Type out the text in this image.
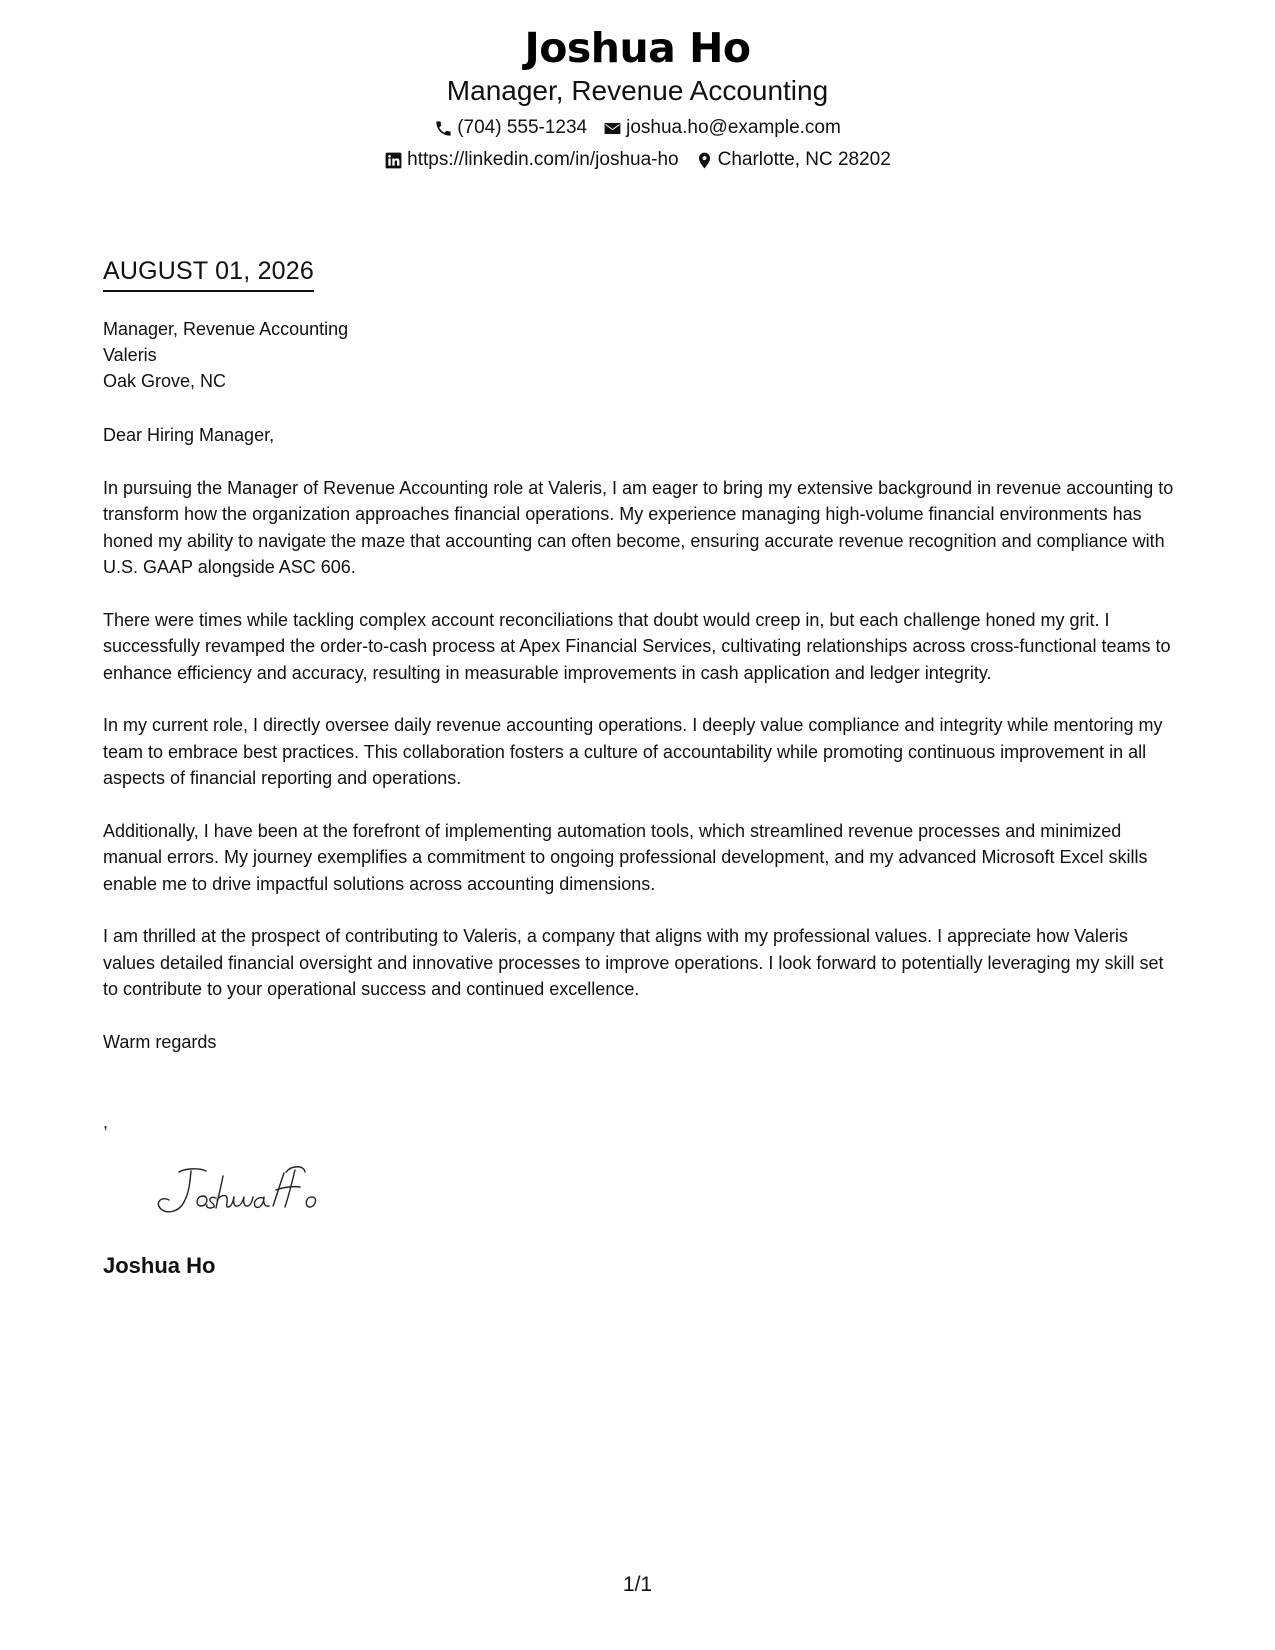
Joshua Ho
Manager, Revenue Accounting
(704) 555-1234 joshua.ho@example.com
https://linkedin.com/in/joshua-ho Charlotte, NC 28202
AUGUST 01, 2026
Manager, Revenue Accounting
Valeris
Oak Grove, NC

Dear Hiring Manager,

In pursuing the Manager of Revenue Accounting role at Valeris, I am eager to bring my extensive background in revenue accounting to transform how the organization approaches financial operations. My experience managing high-volume financial environments has honed my ability to navigate the maze that accounting can often become, ensuring accurate revenue recognition and compliance with U.S. GAAP alongside ASC 606.

There were times while tackling complex account reconciliations that doubt would creep in, but each challenge honed my grit. I successfully revamped the order-to-cash process at Apex Financial Services, cultivating relationships across cross-functional teams to enhance efficiency and accuracy, resulting in measurable improvements in cash application and ledger integrity.

In my current role, I directly oversee daily revenue accounting operations. I deeply value compliance and integrity while mentoring my team to embrace best practices. This collaboration fosters a culture of accountability while promoting continuous improvement in all aspects of financial reporting and operations.

Additionally, I have been at the forefront of implementing automation tools, which streamlined revenue processes and minimized manual errors. My journey exemplifies a commitment to ongoing professional development, and my advanced Microsoft Excel skills enable me to drive impactful solutions across accounting dimensions.

I am thrilled at the prospect of contributing to Valeris, a company that aligns with my professional values. I appreciate how Valeris values detailed financial oversight and innovative processes to improve operations. I look forward to potentially leveraging my skill set to contribute to your operational success and continued excellence.

Warm regards

,
Joshua Ho
1/1
